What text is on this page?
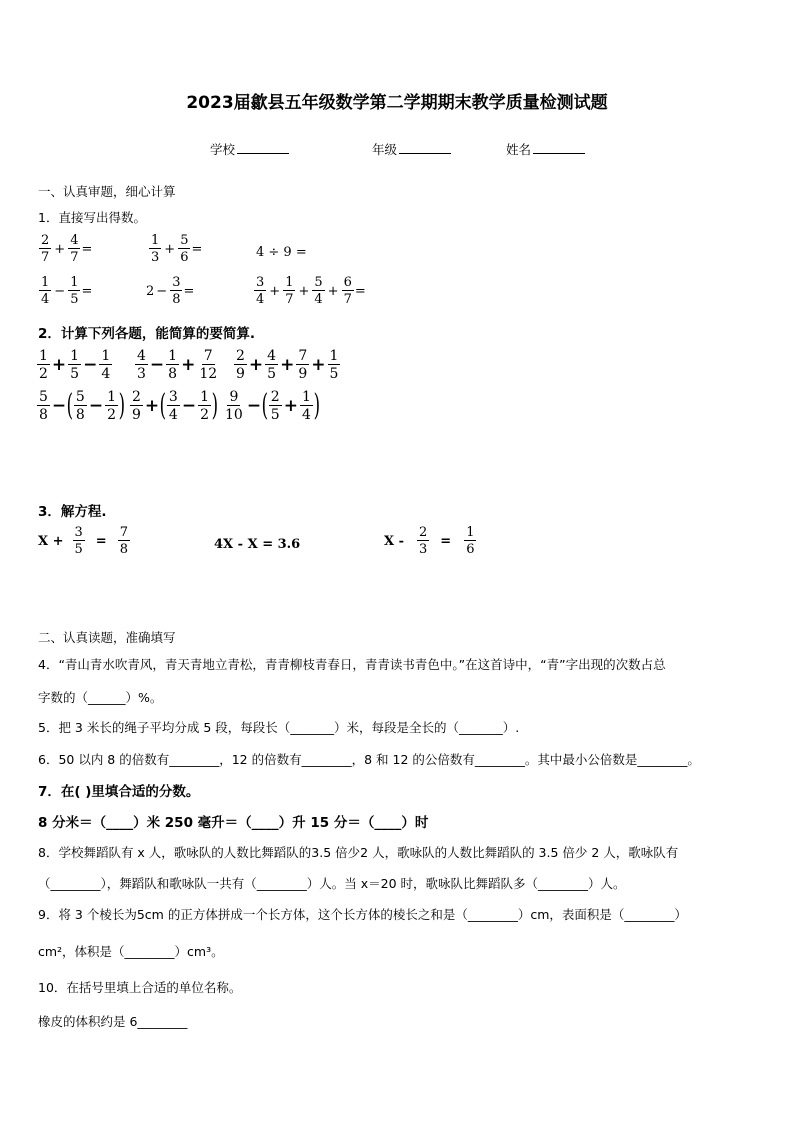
2023届歙县五年级数学第二学期期末教学质量检测试题
学校	年级	姓名
一、认真审题，细心计算
1．直接写出得数。
$\frac{2}{7} + \frac{4}{7}$ =	$\frac{1}{3} + \frac{5}{6}$ =	4 ÷ 9 =
$\frac{1}{4} - \frac{1}{5}$ =	$2 - \frac{3}{8}$ =	$\frac{3}{4} + \frac{1}{7} + \frac{5}{4} + \frac{6}{7}$ =
2．计算下列各题，能简算的要简算.
$\frac{1}{2} + \frac{1}{5} - \frac{1}{4} \frac{4}{3} - \frac{1}{8} + \frac{7}{12} \frac{2}{9} + \frac{4}{5} + \frac{7}{9} + \frac{1}{5}$
$\frac{5}{8}$ − ( $\frac{5}{8} - \frac{1}{2}$ ) $\frac{2}{9}$ + ( $\frac{3}{4} - \frac{1}{2}$ ) $\frac{9}{10}$ − ( $\frac{2}{5} + \frac{1}{4}$ )
3．解方程.
$X + \frac{3}{5} = \frac{7}{8}$	4X - X = 3.6	$X - \frac{2}{3} = \frac{1}{6}$
二、认真读题，准确填写
4．“青山青水吹青风，青天青地立青松，青青柳枝青春日，青青读书青色中。”在这首诗中，“青”字出现的次数占总
字数的（______）%。
5．把 3 米长的绳子平均分成 5 段，每段长（_______）米，每段是全长的（_______）.
6．50 以内 8 的倍数有________，12 的倍数有________，8 和 12 的公倍数有________。其中最小公倍数是________。
7．在( )里填合适的分数。
8 分米＝（____）米 250 毫升＝（____）升 15 分＝（____）时
8．学校舞蹈队有 x 人，歌咏队的人数比舞蹈队的3.5 倍少2 人，歌咏队的人数比舞蹈队的 3.5 倍少 2 人，歌咏队有
（________），舞蹈队和歌咏队一共有（________）人。当 x＝20 时，歌咏队比舞蹈队多（________）人。
9．将 3 个棱长为5cm 的正方体拼成一个长方体，这个长方体的棱长之和是（________）cm，表面积是（________）
cm²，体积是（________）cm³。
10．在括号里填上合适的单位名称。
橡皮的体积约是 6________
